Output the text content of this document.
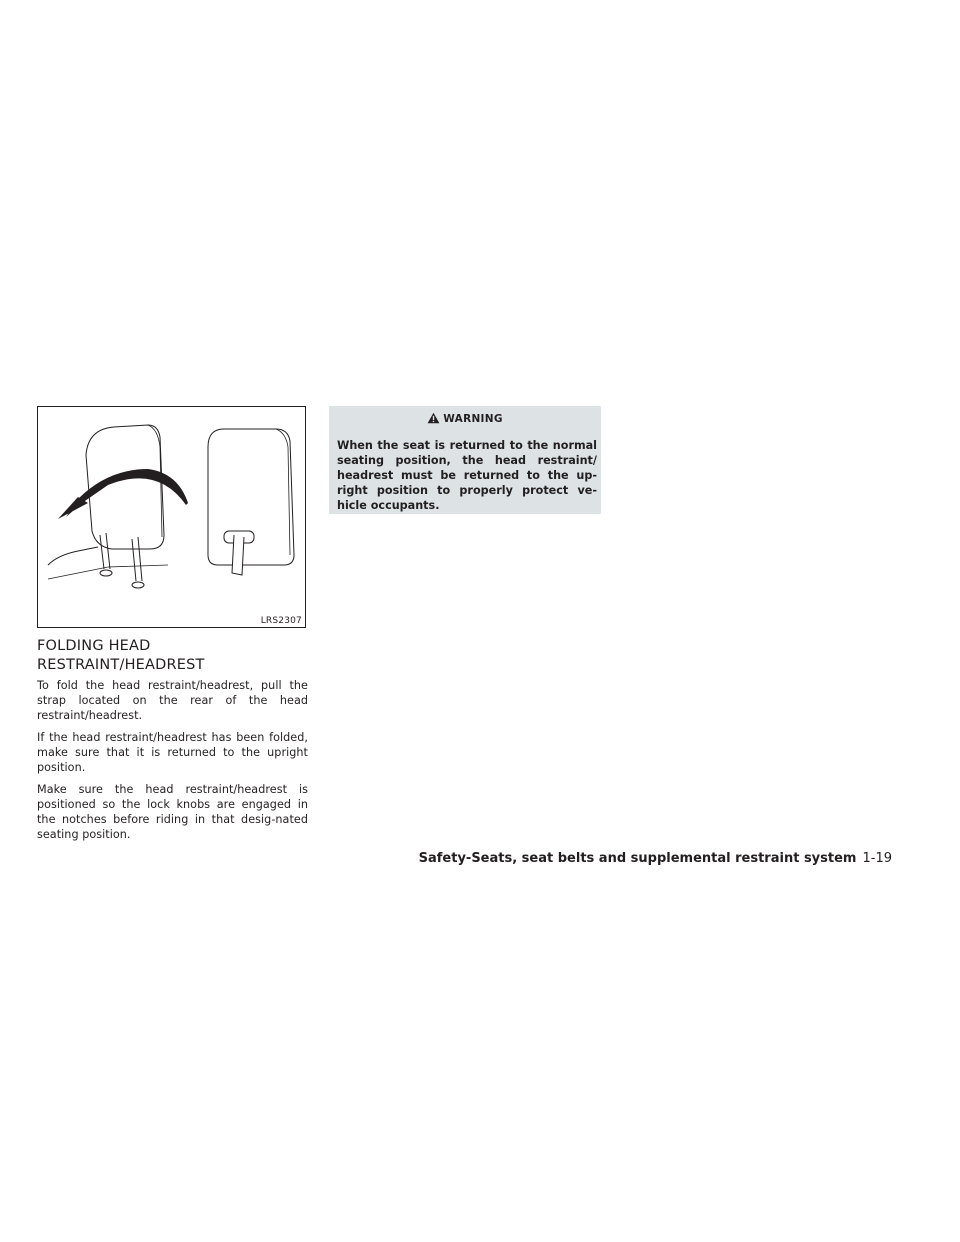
LRS2307
FOLDING HEAD
RESTRAINT/HEADREST

To fold the head restraint/headrest, pull the strap located on the rear of the head restraint/headrest.

If the head restraint/headrest has been folded, make sure that it is returned to the upright position.

Make sure the head restraint/headrest is positioned so the lock knobs are engaged in the notches before riding in that desig-nated seating position.

WARNING

When the seat is returned to the normal seating position, the head restraint/ headrest must be returned to the up-right position to properly protect ve-hicle occupants.

Safety-Seats, seat belts and supplemental restraint system 1-19
